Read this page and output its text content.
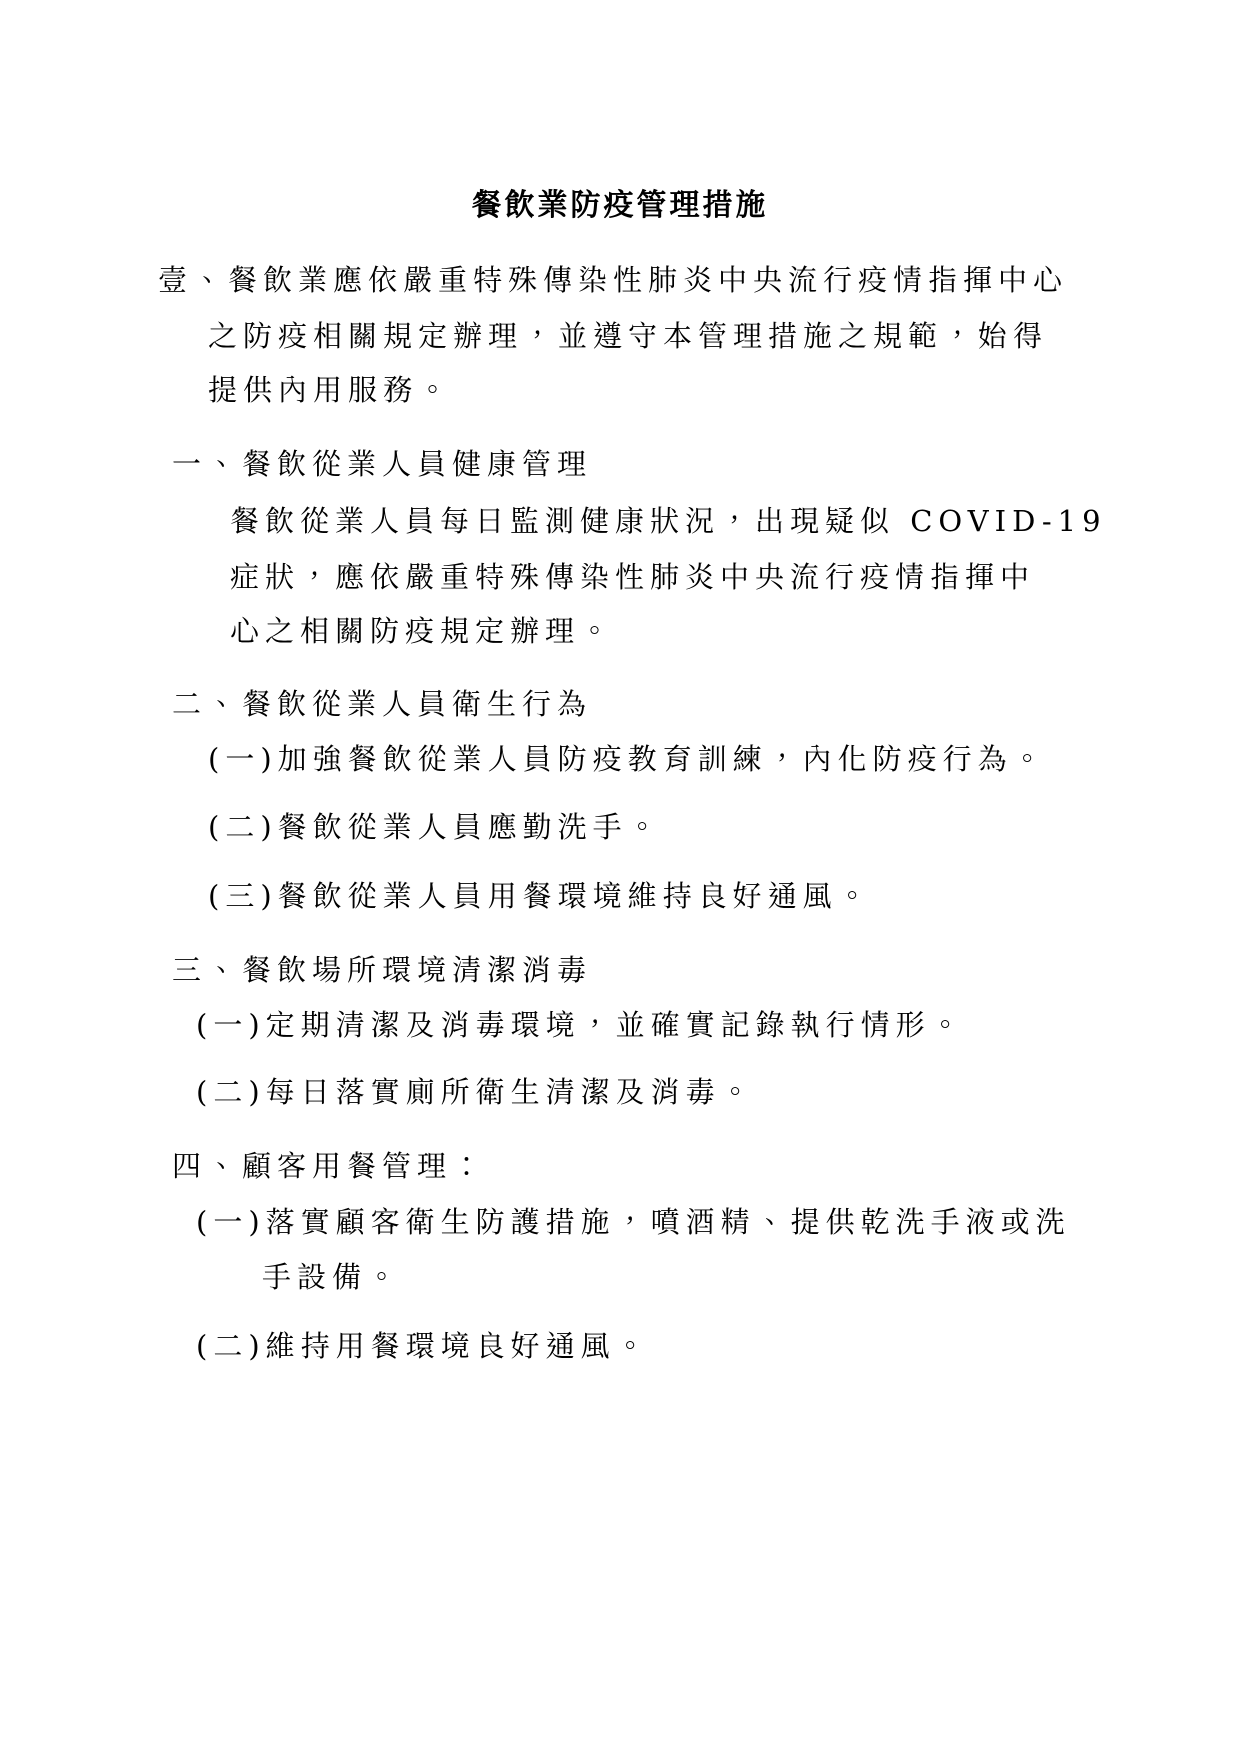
餐飲業防疫管理措施
壹、餐飲業應依嚴重特殊傳染性肺炎中央流行疫情指揮中心
之防疫相關規定辦理，並遵守本管理措施之規範，始得
提供內用服務。
一、餐飲從業人員健康管理
餐飲從業人員每日監測健康狀況，出現疑似 COVID-19
症狀，應依嚴重特殊傳染性肺炎中央流行疫情指揮中
心之相關防疫規定辦理。
二、餐飲從業人員衛生行為
(一)加強餐飲從業人員防疫教育訓練，內化防疫行為。
(二)餐飲從業人員應勤洗手。
(三)餐飲從業人員用餐環境維持良好通風。
三、餐飲場所環境清潔消毒
(一)定期清潔及消毒環境，並確實記錄執行情形。
(二)每日落實廁所衛生清潔及消毒。
四、顧客用餐管理：
(一)落實顧客衛生防護措施，噴酒精、提供乾洗手液或洗
手設備。
(二)維持用餐環境良好通風。
